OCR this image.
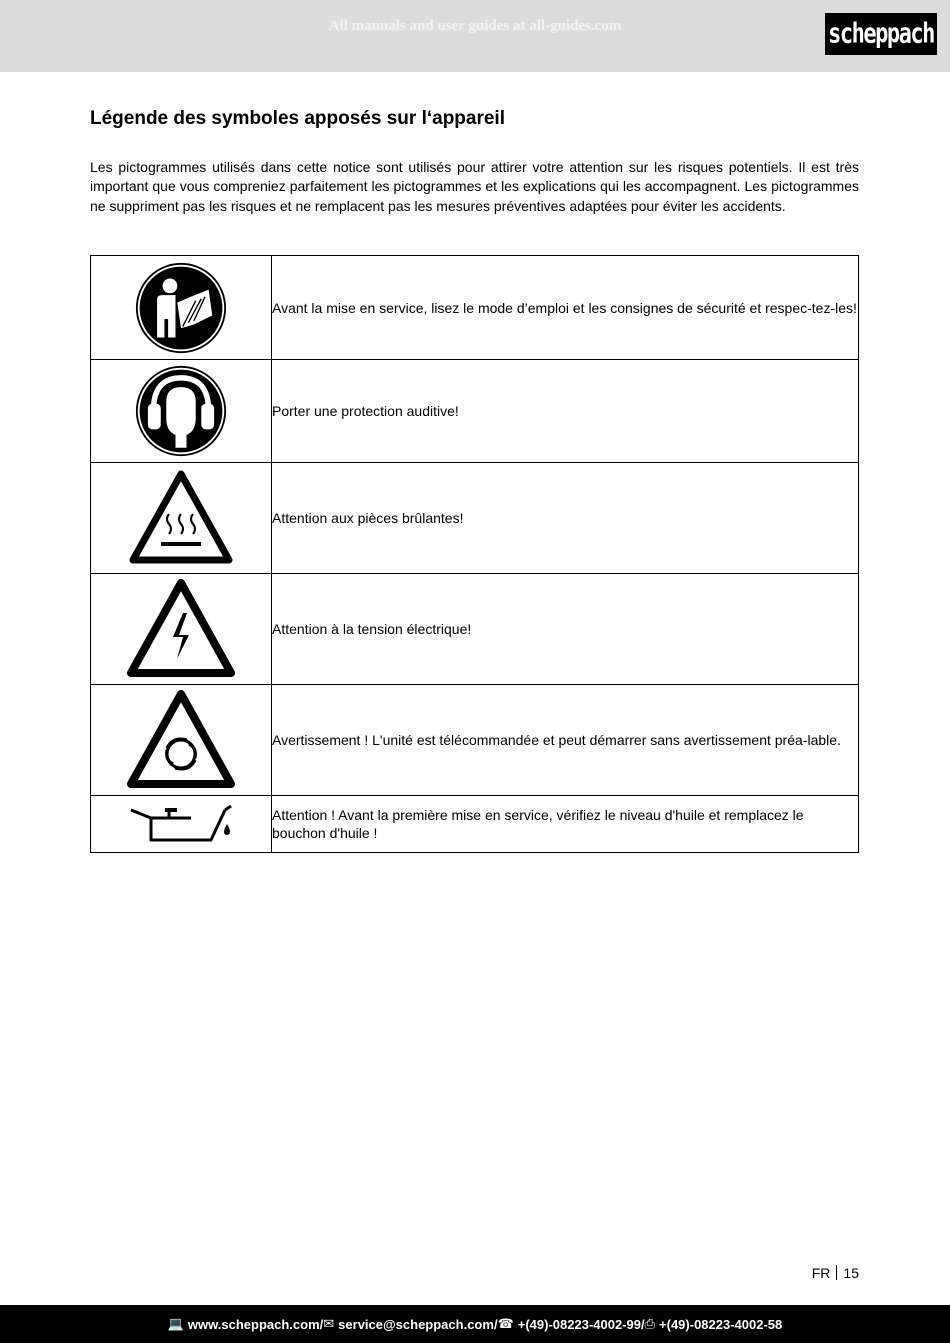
All manuals and user guides at all-guides.com	scheppach
Légende des symboles apposés sur l‘appareil

Les pictogrammes utilisés dans cette notice sont utilisés pour attirer votre attention sur les risques potentiels. Il est très important que vous compreniez parfaitement les pictogrammes et les explications qui les accompagnent. Les pictogrammes ne suppriment pas les risques et ne remplacent pas les mesures préventives adaptées pour éviter les accidents.

	Avant la mise en service, lisez le mode d’emploi et les consignes de sécurité et respec-tez-les!

	Porter une protection auditive!

	Attention aux pièces brûlantes!

	Attention à la tension électrique!

	Avertissement ! L'unité est télécommandée et peut démarrer sans avertissement préa-lable.

	Attention ! Avant la première mise en service, vérifiez le niveau d'huile et remplacez le bouchon d'huile !
FR 15
💻 www.scheppach.com / ✉ service@scheppach.com / ☎ +(49)-08223-4002-99 / ⎙ +(49)-08223-4002-58
